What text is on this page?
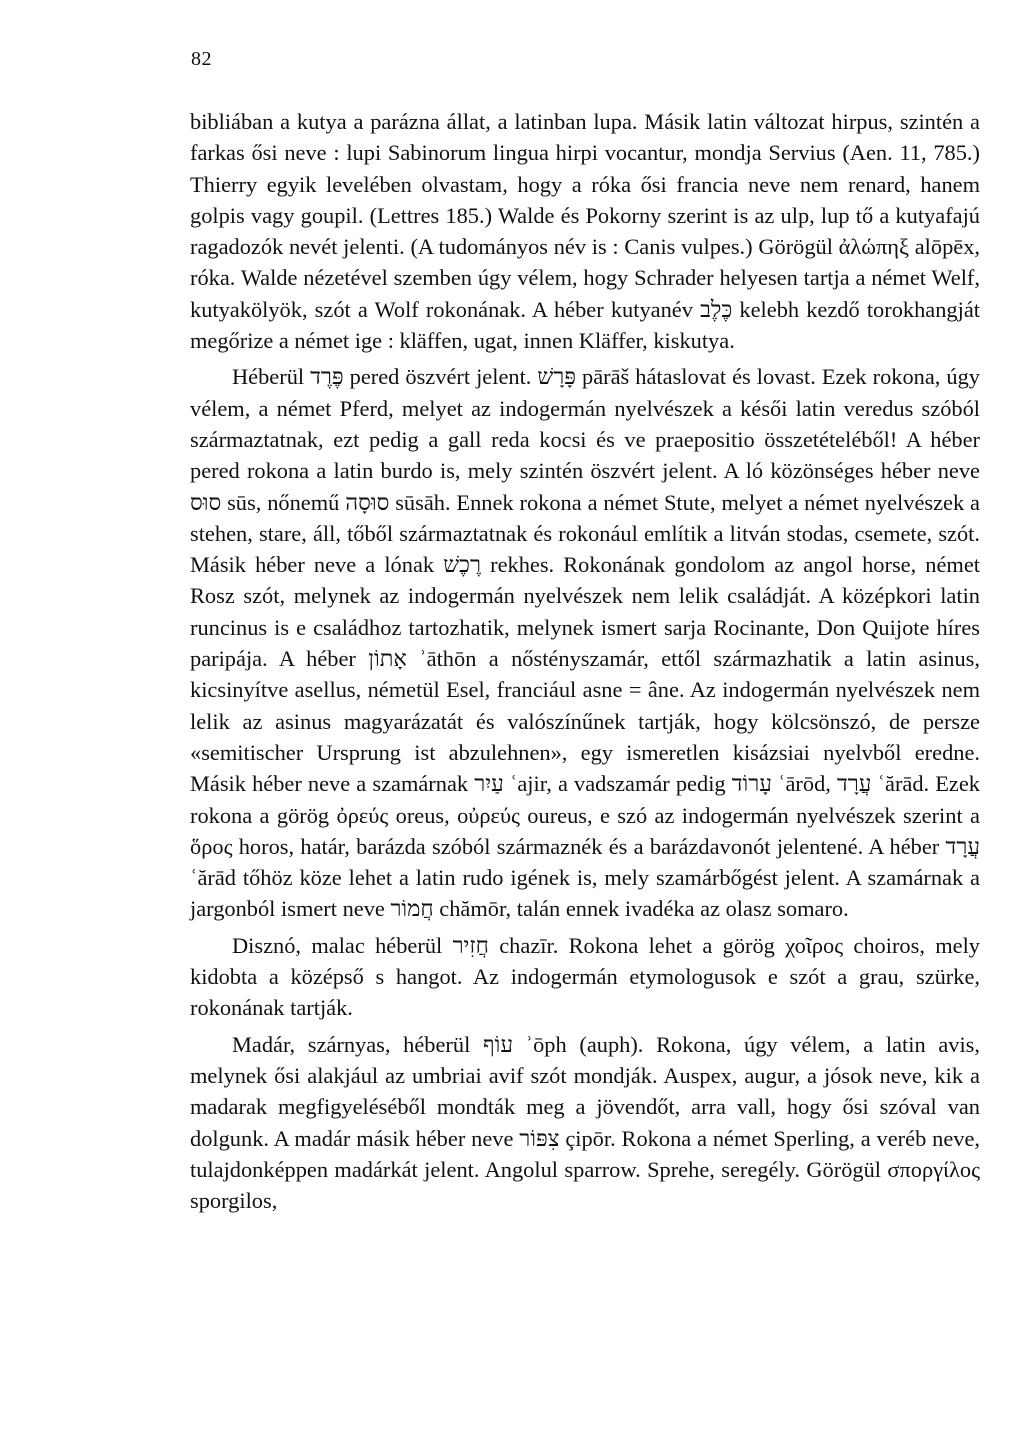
82

bibliában a kutya a parázna állat, a latinban lupa. Másik latin változat hirpus, szintén a farkas ősi neve : lupi Sabinorum lingua hirpi vocantur, mondja Servius (Aen. 11, 785.) Thierry egyik levelében olvastam, hogy a róka ősi francia neve nem renard, hanem golpis vagy goupil. (Lettres 185.) Walde és Pokorny szerint is az ulp, lup tő a kutyafajú ragadozók nevét jelenti. (A tudományos név is : Canis vulpes.) Görögül ἀλώπηξ alōpēx, róka. Walde nézetével szemben úgy vélem, hogy Schrader helyesen tartja a német Welf, kutyakölyök, szót a Wolf rokonának. A héber kutyanév כֶּלֶב kelebh kezdő torokhangját megőrize a német ige : kläffen, ugat, innen Kläffer, kiskutya.

Héberül פֶּרֶד pered öszvért jelent. פָּרָשׁ pārāš hátaslovat és lovast. Ezek rokona, úgy vélem, a német Pferd, melyet az indogermán nyelvészek a késői latin veredus szóból származtatnak, ezt pedig a gall reda kocsi és ve praepositio összetételéből! A héber pered rokona a latin burdo is, mely szintén öszvért jelent. A ló közönséges héber neve סוּס sūs, nőnemű סוּסָה sūsāh. Ennek rokona a német Stute, melyet a német nyelvészek a stehen, stare, áll, tőből származtatnak és rokonául említik a litván stodas, csemete, szót. Másik héber neve a lónak רֶכֶשׁ rekhes. Rokonának gondolom az angol horse, német Rosz szót, melynek az indogermán nyelvészek nem lelik családját. A középkori latin runcinus is e családhoz tartozhatik, melynek ismert sarja Rocinante, Don Quijote híres paripája. A héber אָתוֹן ʾāthōn a nőstényszamár, ettől származhatik a latin asinus, kicsinyítve asellus, németül Esel, franciául asne = âne. Az indogermán nyelvészek nem lelik az asinus magyarázatát és valószínűnek tartják, hogy kölcsönszó, de persze «semitischer Ursprung ist abzulehnen», egy ismeretlen kisázsiai nyelvből eredne. Másik héber neve a szamárnak עַיִר ʿajir, a vadszamár pedig עָרוֹד ʿārōd, עֲרָד ʿărād. Ezek rokona a görög ὀρεύς oreus, οὐρεύς oureus, e szó az indogermán nyelvészek szerint a ὅρος horos, határ, barázda szóból származnék és a barázdavonót jelentené. A héber עֲרָד ʿărād tőhöz köze lehet a latin rudo igének is, mely szamárbőgést jelent. A szamárnak a jargonból ismert neve חֲמוֹר chămōr, talán ennek ivadéka az olasz somaro.

Disznó, malac héberül חֲזִיר chazīr. Rokona lehet a görög χοῖρος choiros, mely kidobta a középső s hangot. Az indogermán etymologusok e szót a grau, szürke, rokonának tartják.

Madár, szárnyas, héberül עוֹף ʾōph (auph). Rokona, úgy vélem, a latin avis, melynek ősi alakjául az umbriai avif szót mondják. Auspex, augur, a jósok neve, kik a madarak megfigyeléséből mondták meg a jövendőt, arra vall, hogy ősi szóval van dolgunk. A madár másik héber neve צִפּוֹר çipōr. Rokona a német Sperling, a veréb neve, tulajdonképpen madárkát jelent. Angolul sparrow. Sprehe, seregély. Görögül σποργίλος sporgilos,
